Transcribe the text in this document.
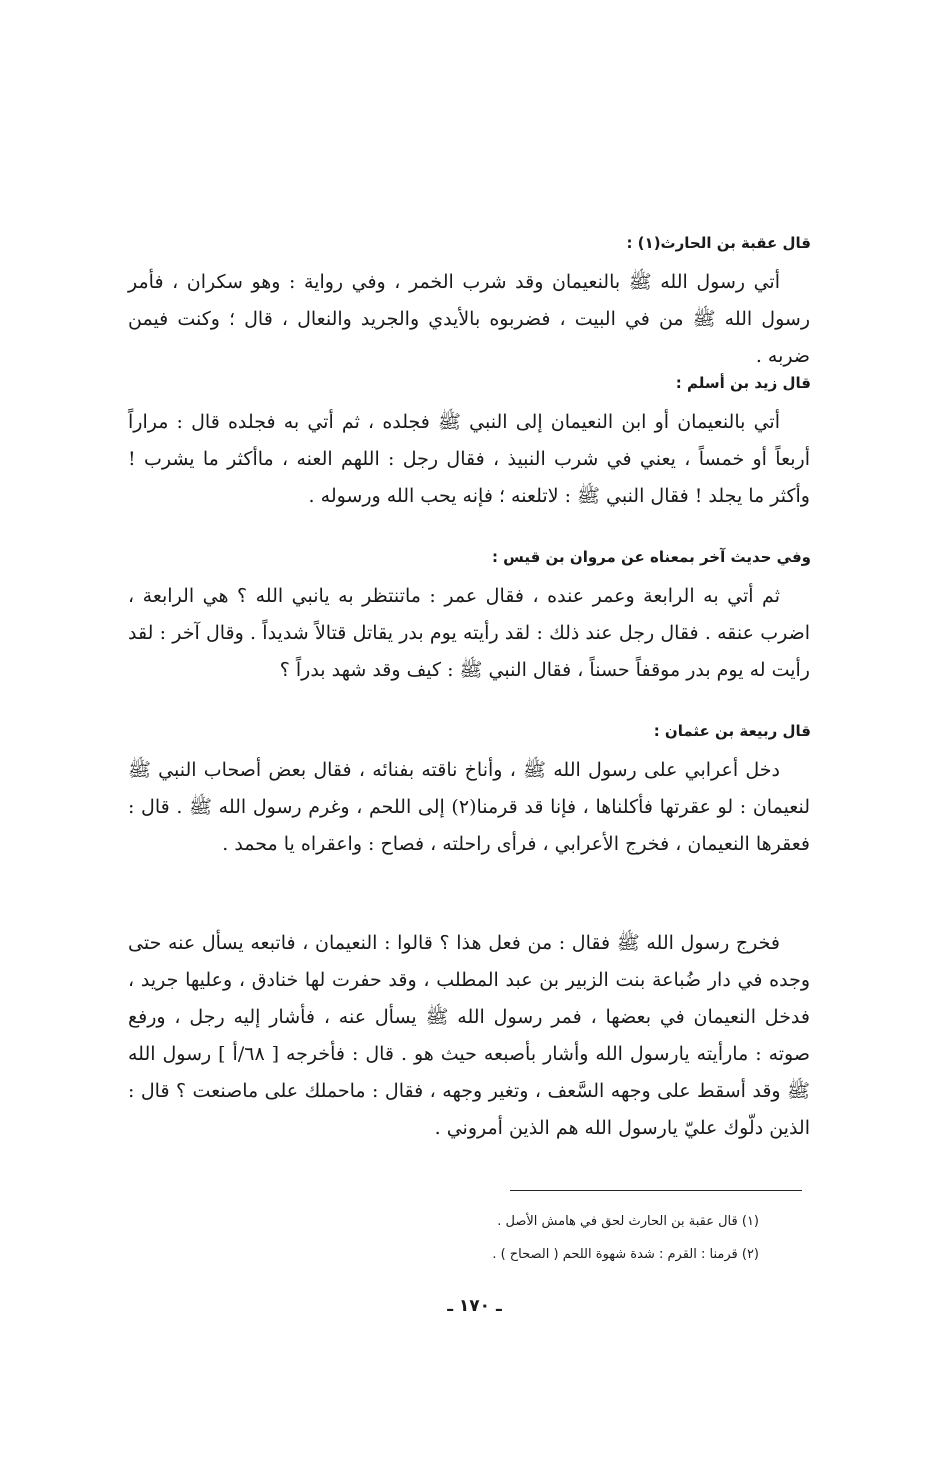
قال عقبة بن الحارث(١) :

أتي رسول الله ﷺ بالنعيمان وقد شرب الخمر ، وفي رواية : وهو سكران ، فأمر رسول الله ﷺ من في البيت ، فضربوه بالأيدي والجريد والنعال ، قال ؛ وكنت فيمن ضربه .

قال زيد بن أسلم :

أتي بالنعيمان أو ابن النعيمان إلى النبي ﷺ فجلده ، ثم أتي به فجلده قال : مراراً أربعاً أو خمساً ، يعني في شرب النبيذ ، فقال رجل : اللهم العنه ، ماأكثر ما يشرب ! وأكثر ما يجلد ! فقال النبي ﷺ : لاتلعنه ؛ فإنه يحب الله ورسوله .

وفي حديث آخر بمعناه عن مروان بن قيس :

ثم أتي به الرابعة وعمر عنده ، فقال عمر : ماتنتظر به يانبي الله ؟ هي الرابعة ، اضرب عنقه . فقال رجل عند ذلك : لقد رأيته يوم بدر يقاتل قتالاً شديداً . وقال آخر : لقد رأيت له يوم بدر موقفاً حسناً ، فقال النبي ﷺ : كيف وقد شهد بدراً ؟

قال ربيعة بن عثمان :

دخل أعرابي على رسول الله ﷺ ، وأناخ ناقته بفنائه ، فقال بعض أصحاب النبي ﷺ لنعيمان : لو عقرتها فأكلناها ، فإنا قد قرمنا(٢) إلى اللحم ، وغرم رسول الله ﷺ . قال : فعقرها النعيمان ، فخرج الأعرابي ، فرأى راحلته ، فصاح : واعقراه يا محمد .

فخرج رسول الله ﷺ فقال : من فعل هذا ؟ قالوا : النعيمان ، فاتبعه يسأل عنه حتى وجده في دار ضُباعة بنت الزبير بن عبد المطلب ، وقد حفرت لها خنادق ، وعليها جريد ، فدخل النعيمان في بعضها ، فمر رسول الله ﷺ يسأل عنه ، فأشار إليه رجل ، ورفع صوته : مارأيته يارسول الله وأشار بأصبعه حيث هو . قال : فأخرجه [ ٦٨/أ ] رسول الله ﷺ وقد أسقط على وجهه السَّعف ، وتغير وجهه ، فقال : ماحملك على ماصنعت ؟ قال : الذين دلّوك عليّ يارسول الله هم الذين أمروني .

(١) قال عقبة بن الحارث لحق في هامش الأصل .
(٢) قرمنا : القرم : شدة شهوة اللحم ( الصحاح ) .
ـ ١٧٠ ـ
